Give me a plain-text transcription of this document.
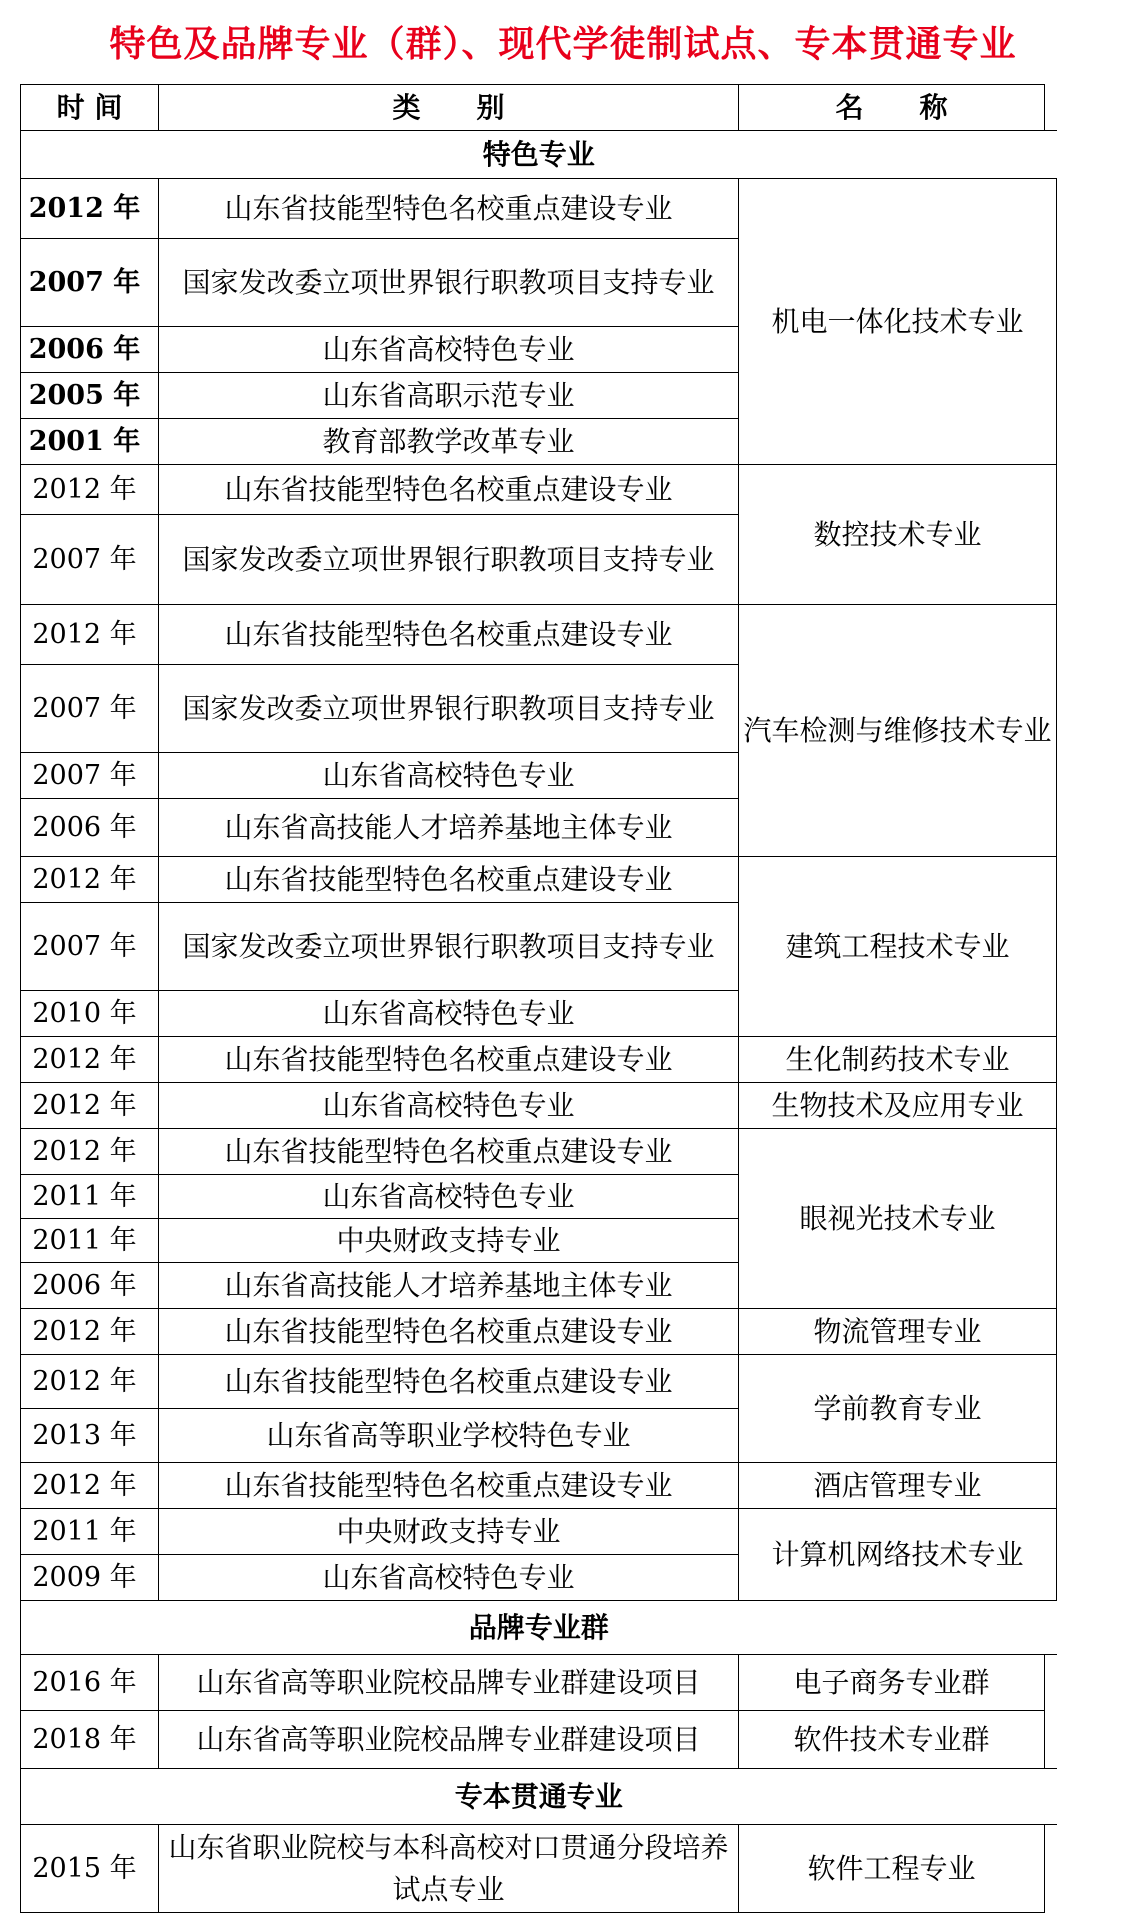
特色及品牌专业（群）、现代学徒制试点、专本贯通专业
时 间	类　　别	名　　称	
特色专业			
2012 年	山东省技能型特色名校重点建设专业	机电一体化技术专业	
2007 年	国家发改委立项世界银行职教项目支持专业		
2006 年	山东省高校特色专业		
2005 年	山东省高职示范专业		
2001 年	教育部教学改革专业		
2012 年	山东省技能型特色名校重点建设专业	数控技术专业	
2007 年	国家发改委立项世界银行职教项目支持专业		
2012 年	山东省技能型特色名校重点建设专业	汽车检测与维修技术专业	
2007 年	国家发改委立项世界银行职教项目支持专业		
2007 年	山东省高校特色专业		
2006 年	山东省高技能人才培养基地主体专业		
2012 年	山东省技能型特色名校重点建设专业	建筑工程技术专业	
2007 年	国家发改委立项世界银行职教项目支持专业		
2010 年	山东省高校特色专业		
2012 年	山东省技能型特色名校重点建设专业	生化制药技术专业	
2012 年	山东省高校特色专业	生物技术及应用专业	
2012 年	山东省技能型特色名校重点建设专业	眼视光技术专业	
2011 年	山东省高校特色专业		
2011 年	中央财政支持专业		
2006 年	山东省高技能人才培养基地主体专业		
2012 年	山东省技能型特色名校重点建设专业	物流管理专业	
2012 年	山东省技能型特色名校重点建设专业	学前教育专业	
2013 年	山东省高等职业学校特色专业		
2012 年	山东省技能型特色名校重点建设专业	酒店管理专业	
2011 年	中央财政支持专业	计算机网络技术专业	
2009 年	山东省高校特色专业		
品牌专业群			
2016 年	山东省高等职业院校品牌专业群建设项目	电子商务专业群	
2018 年	山东省高等职业院校品牌专业群建设项目	软件技术专业群	
专本贯通专业			
2015 年	山东省职业院校与本科高校对口贯通分段培养试点专业	软件工程专业	
